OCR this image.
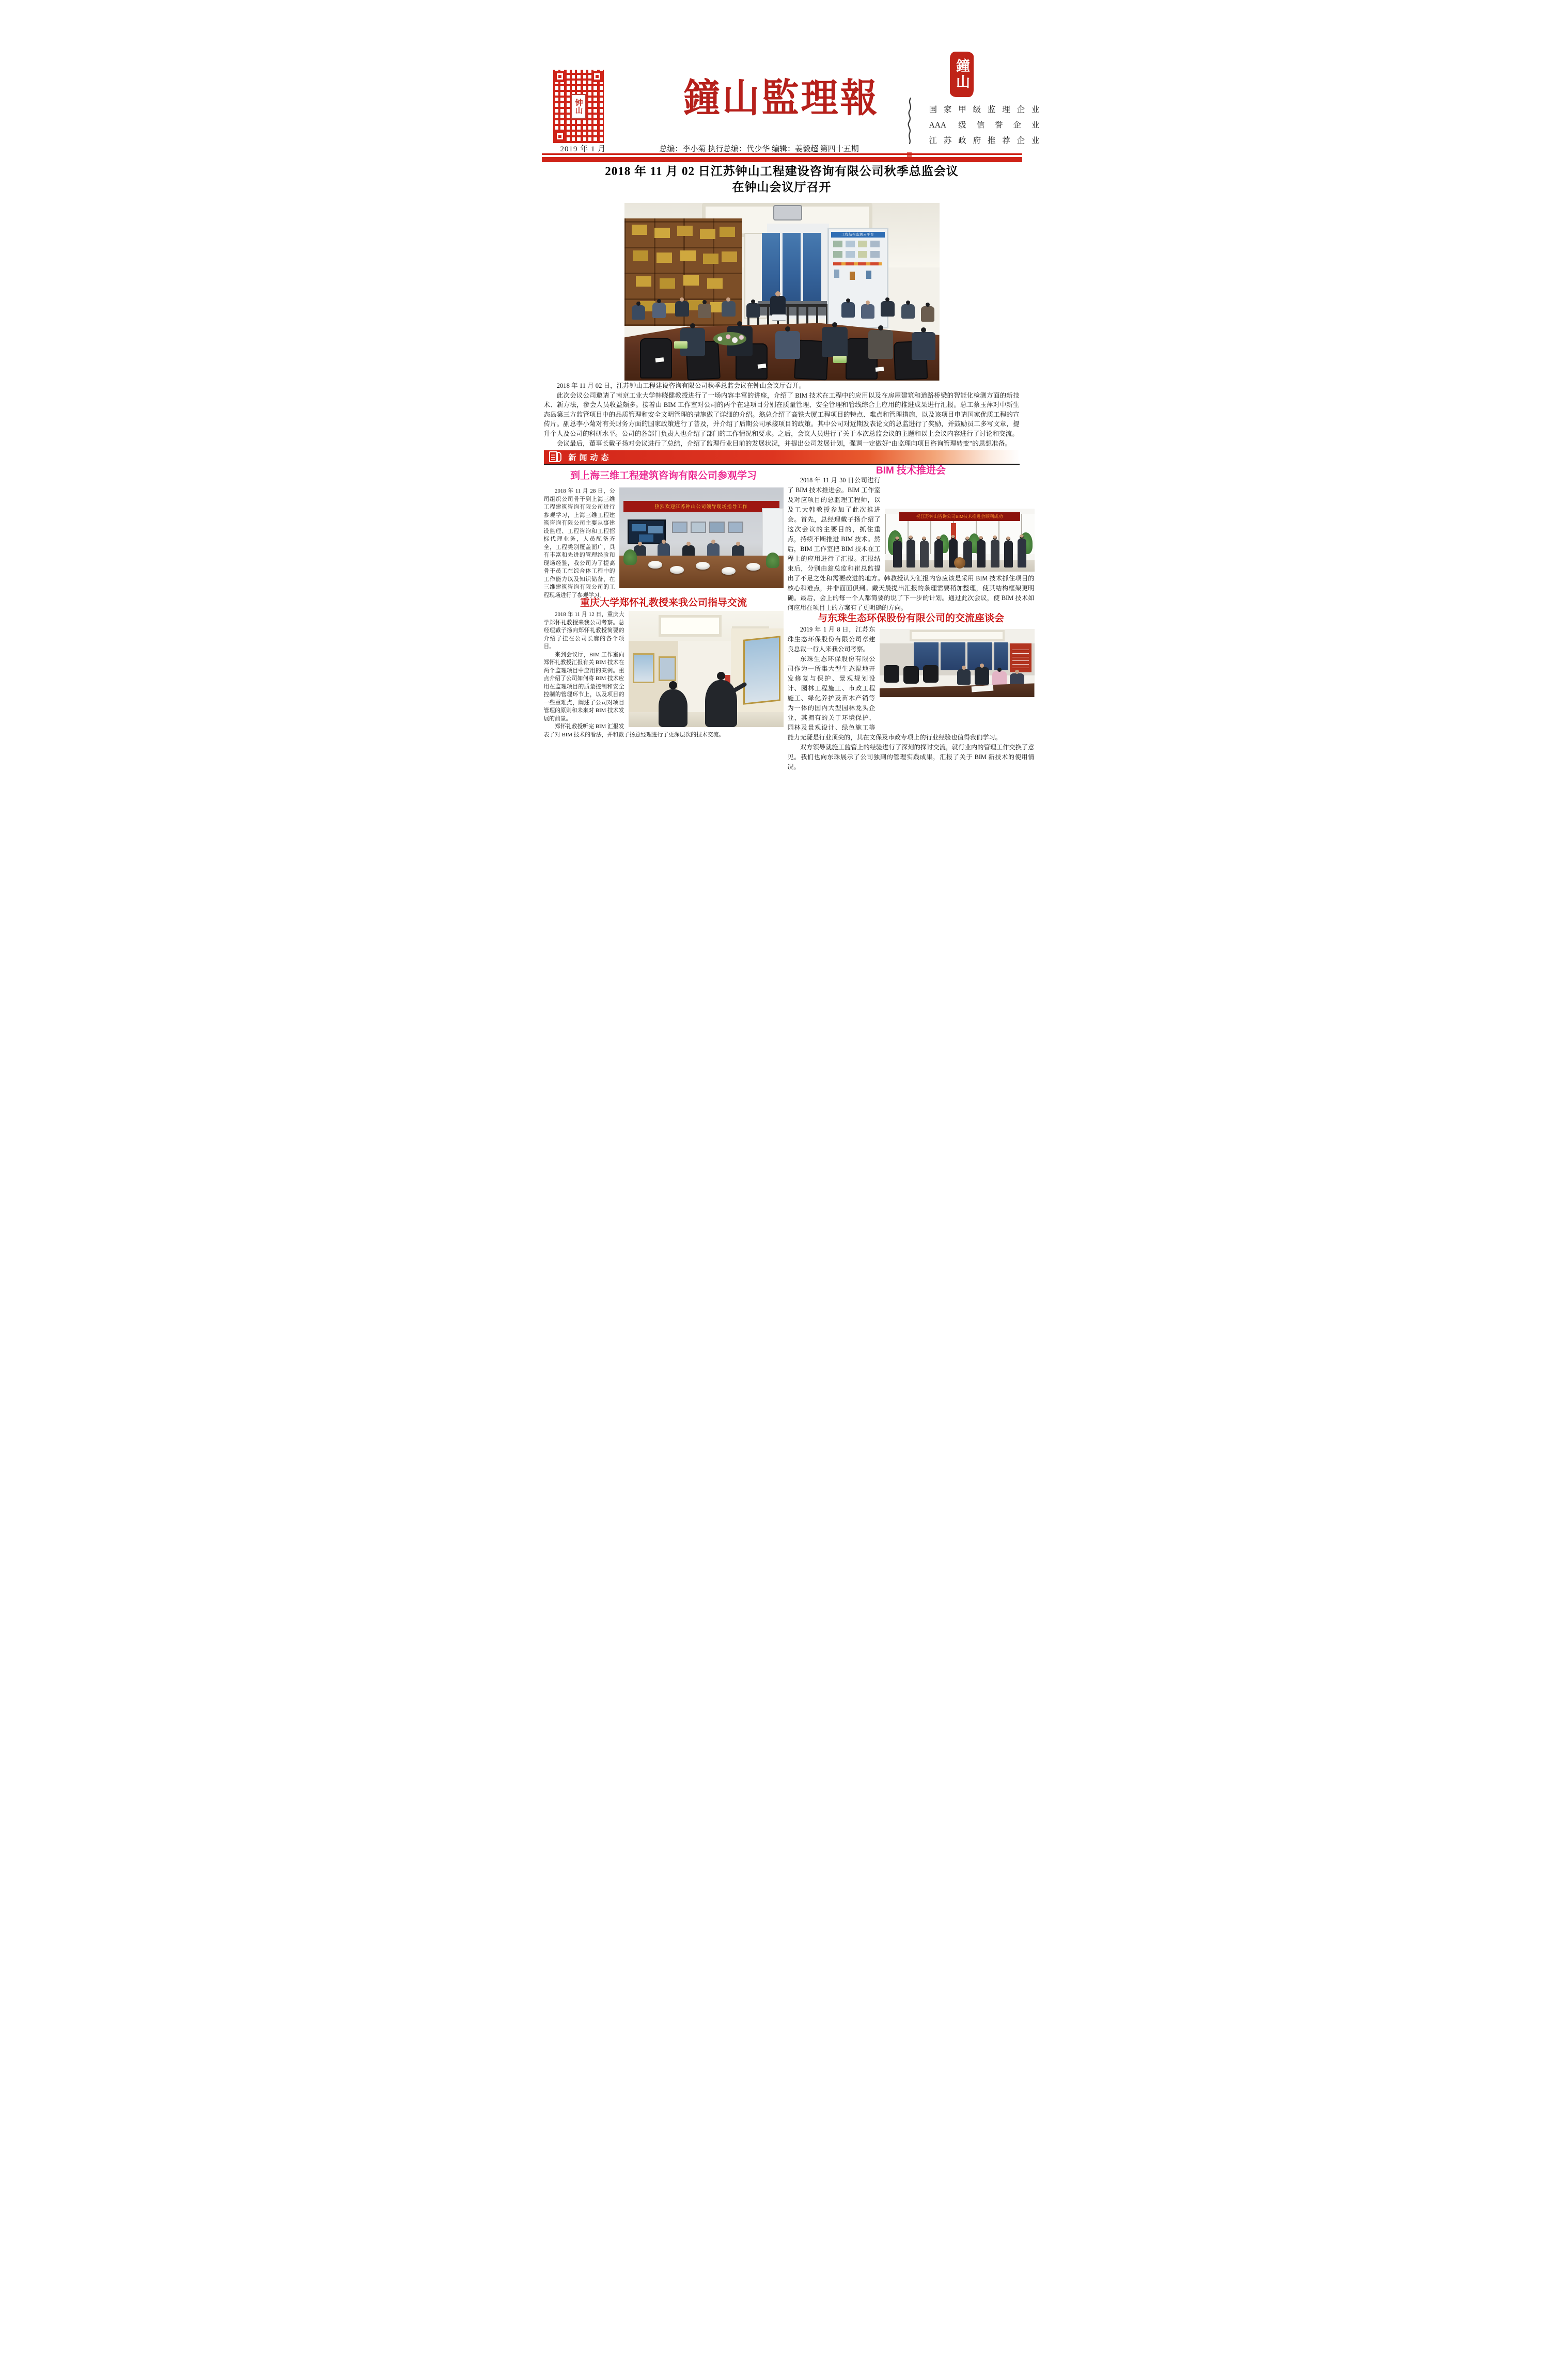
钟山	鐘山監理報
鐘山
国家甲级监理企业
AAA 级信誉企业
江苏政府推荐企业
2019 年 1 月	总编：李小菊 执行总编：代少华 编辑：姜毅超 第四十五期
2018 年 11 月 02 日江苏钟山工程建设咨询有限公司秋季总监会议
在钟山会议厅召开
工程结构监测云平台

2018 年 11 月 02 日，江苏钟山工程建设咨询有限公司秋季总监会议在钟山会议厅召开。

此次会议公司邀请了南京工业大学韩晓健教授进行了一场内容丰富的讲座，介绍了 BIM 技术在工程中的应用以及在房屋建筑和道路桥梁的智能化检测方面的新技术、新方法，参会人员收益颇多。接着由 BIM 工作室对公司的两个在建项目分别在质量管理、安全管理和管线综合上应用的推进成果进行汇报。总工蔡玉萍对中新生态岛第三方监管项目中的品质管理和安全文明管理的措施做了详细的介绍。翁总介绍了高铁大厦工程项目的特点、难点和管理措施，以及该项目申请国家优质工程的宣传片。副总李小菊对有关财务方面的国家政策进行了普及，并介绍了后期公司承接项目的政策。其中公司对近期发表论文的总监进行了奖励，并鼓励员工多写文章，提升个人及公司的科研水平。公司的各部门负责人也介绍了部门的工作情况和要求。之后，会议人员进行了关于本次总监会议的主题和以上会议内容进行了讨论和交流。

会议最后，董事长戴子扬对会议进行了总结，介绍了监理行业目前的发展状况，并提出公司发展计划，强调一定做好“由监理向项目咨询管理转变”的思想准备。

新闻动态
到上海三维工程建筑咨询有限公司参观学习
热烈欢迎江苏钟山公司领导现场指导工作

2018 年 11 月 28 日，公司组织公司骨干到上海三维工程建筑咨询有限公司进行参观学习，上海三维工程建筑咨询有限公司主要从事建设监理、工程咨询和工程招标代理业务，人员配备齐全，工程类别覆盖面广，具有丰富和先进的管理经验和现场经验，我公司为了提高骨干员工在综合体工程中的工作能力以及知识储备，在三维建筑咨询有限公司的工程现场进行了参观学习。

重庆大学郑怀礼教授来我公司指导交流

2018 年 11 月 12 日，重庆大学郑怀礼教授来我公司考察。总经理戴子扬向郑怀礼教授简要的介绍了挂在公司长廊的各个项目。

来到会议厅，BIM 工作室向郑怀礼教授汇报有关 BIM 技术在两个监理项目中应用的案例。重点介绍了公司如何将 BIM 技术应用在监理项目的质量控制和安全控制的管理环节上，以及项目的一些重难点，阐述了公司对项目管理的原则和未来对 BIM 技术发展的前景。

郑怀礼教授听完 BIM 汇报发表了对 BIM 技术的看法，并和戴子扬总经理进行了更深层次的技术交流。

BIM 技术推进会
祝江苏钟山咨询公司BIM技术推进会顺利成功

2018 年 11 月 30 日公司进行了 BIM 技术推进会。BIM 工作室及对应项目的总监理工程师，以及工大韩教授参加了此次推进会。首先，总经理戴子扬介绍了这次会议的主要目的，抓住重点，持续不断推进 BIM 技术。然后，BIM 工作室把 BIM 技术在工程上的应用进行了汇报。汇报结束后，分别由翁总监和崔总监提出了不足之处和需要改进的地方。韩教授认为汇报内容应该是采用 BIM 技术抓住项目的核心和难点，并非面面俱到。戴天晨提出汇报的条理需要稍加整理，使其结构框架更明确。最后，会上的每一个人都简要的说了下一步的计划。通过此次会议，使 BIM 技术如何应用在项目上的方案有了更明确的方向。

与东珠生态环保股份有限公司的交流座谈会

2019 年 1 月 8 日，江苏东珠生态环保股份有限公司章建良总裁一行人来我公司考察。

东珠生态环保股份有限公司作为一所集大型生态湿地开发修复与保护、景观规划设计、园林工程施工、市政工程施工、绿化养护及苗木产销等为一体的国内大型园林龙头企业，其拥有的关于环境保护、园林及景观设计、绿色施工等能力无疑是行业顶尖的，其在文保及市政专项上的行业经验也值得我们学习。

双方领导就施工监管上的经验进行了深刻的探讨交流，就行业内的管理工作交换了意见。我们也向东珠展示了公司独到的管理实践成果，汇报了关于 BIM 新技术的使用情况。
